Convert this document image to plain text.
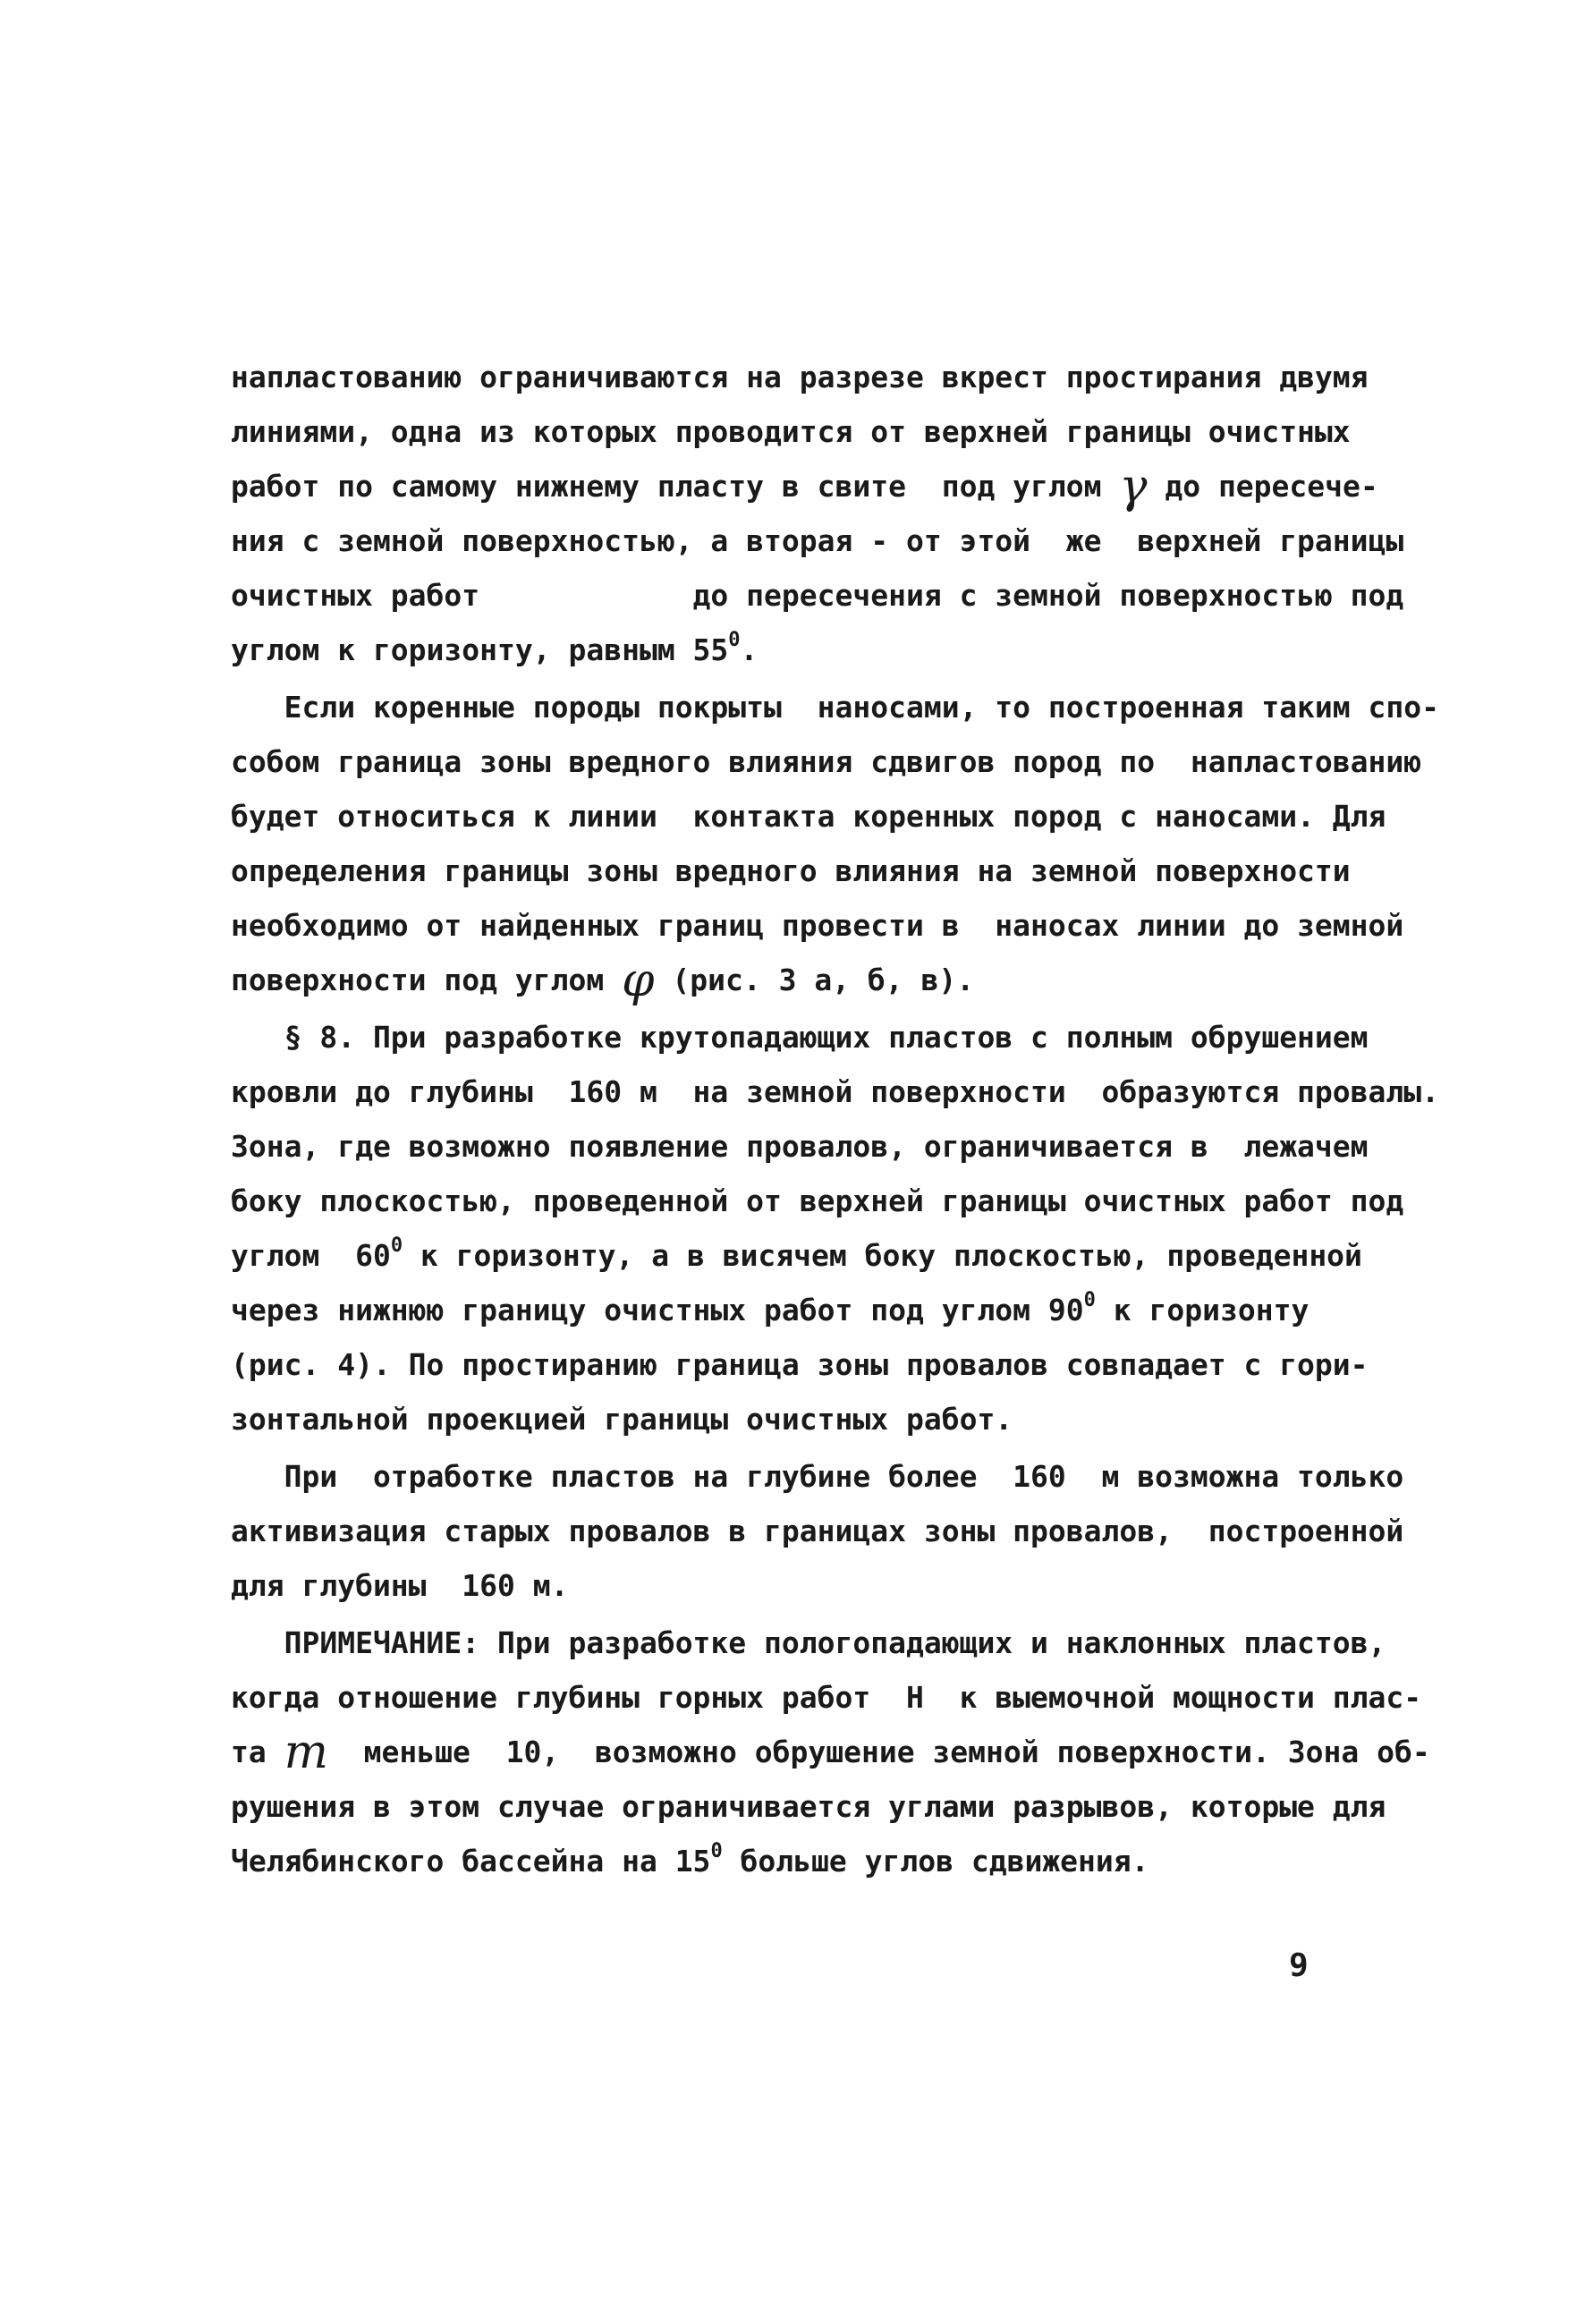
напластованию ограничиваются на разрезе вкрест простирания двумя
линиями, одна из которых проводится от верхней границы очистных
работ по самому нижнему пласту в свите  под углом γ до пересече-
ния с земной поверхностью, а вторая - от этой  же  верхней границы
очистных работ            до пересечения с земной поверхностью под
углом к горизонту, равным $55^0$.
Если коренные породы покрыты  наносами, то построенная таким спо-
собом граница зоны вредного влияния сдвигов пород по  напластованию
будет относиться к линии  контакта коренных пород с наносами. Для
определения границы зоны вредного влияния на земной поверхности
необходимо от найденных границ провести в  наносах линии до земной
поверхности под углом φ (рис. 3 а, б, в).
§ 8. При разработке крутопадающих пластов с полным обрушением
кровли до глубины  160 м  на земной поверхности  образуются провалы.
Зона, где возможно появление провалов, ограничивается в  лежачем
боку плоскостью, проведенной от верхней границы очистных работ под
углом  $60^0$ к горизонту, а в висячем боку плоскостью, проведенной
через нижнюю границу очистных работ под углом $90^0$ к горизонту
(рис. 4). По простиранию граница зоны провалов совпадает с гори-
зонтальной проекцией границы очистных работ.
При  отработке пластов на глубине более  160  м возможна только
активизация старых провалов в границах зоны провалов,  построенной
для глубины  160 м.
ПРИМЕЧАНИЕ: При разработке пологопадающих и наклонных пластов,
когда отношение глубины горных работ  Н  к выемочной мощности плас-
та m  меньше  10,  возможно обрушение земной поверхности. Зона об-
рушения в этом случае ограничивается углами разрывов, которые для
Челябинского бассейна на $15^0$ больше углов сдвижения.
9
